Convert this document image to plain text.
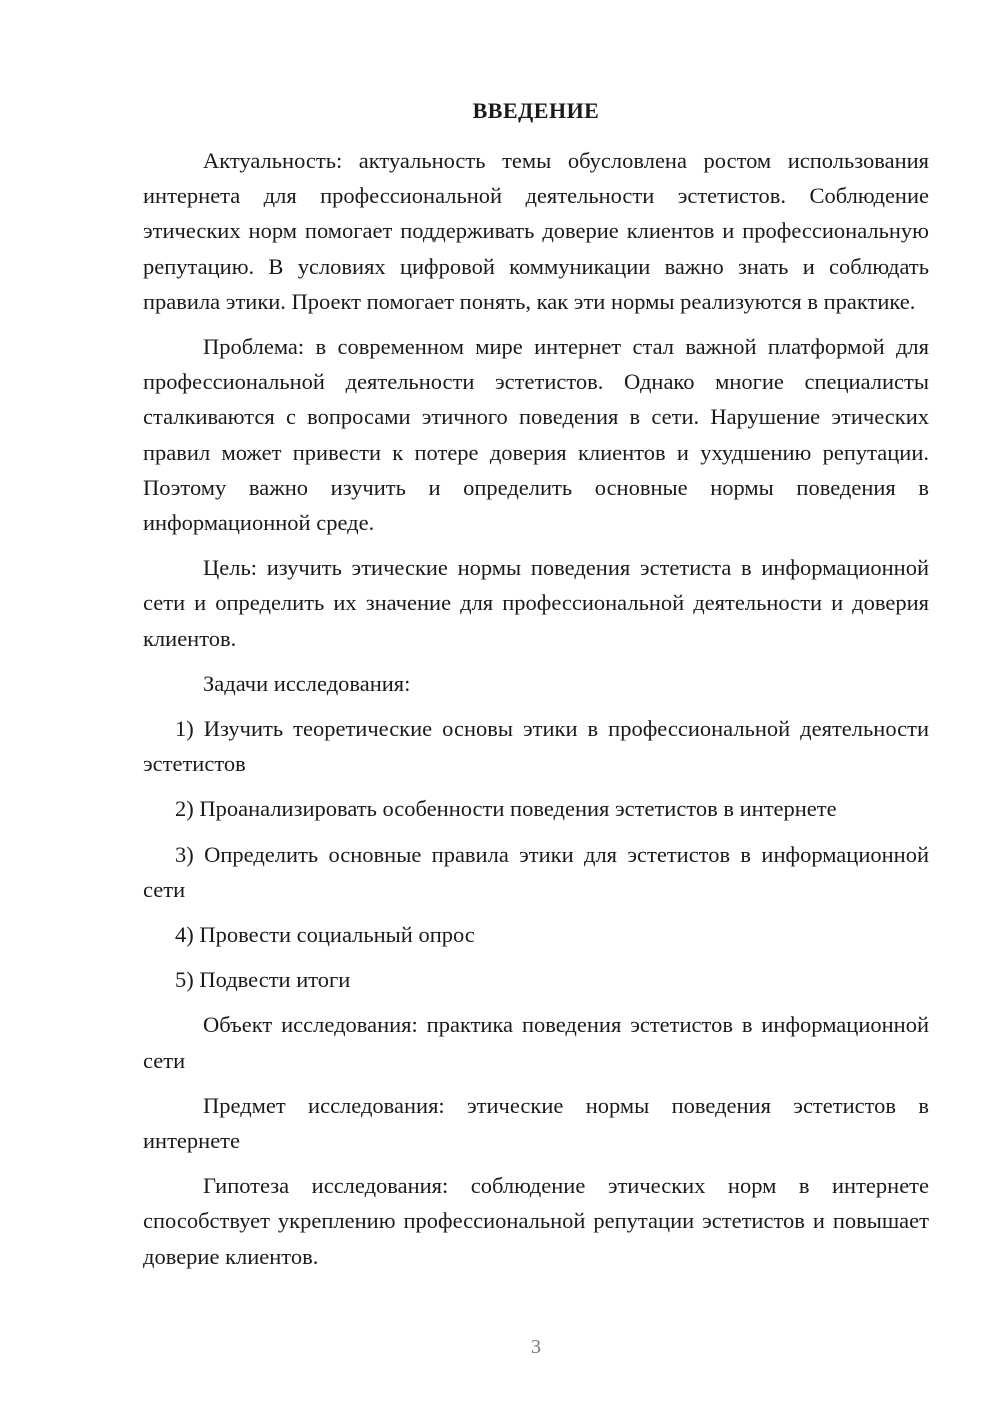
ВВЕДЕНИЕ

Актуальность: актуальность темы обусловлена ростом использования интернета для профессиональной деятельности эстетистов. Соблюдение этических норм помогает поддерживать доверие клиентов и профессиональную репутацию. В условиях цифровой коммуникации важно знать и соблюдать правила этики. Проект помогает понять, как эти нормы реализуются в практике.

Проблема: в современном мире интернет стал важной платформой для профессиональной деятельности эстетистов. Однако многие специалисты сталкиваются с вопросами этичного поведения в сети. Нарушение этических правил может привести к потере доверия клиентов и ухудшению репутации. Поэтому важно изучить и определить основные нормы поведения в информационной среде.

Цель: изучить этические нормы поведения эстетиста в информационной сети и определить их значение для профессиональной деятельности и доверия клиентов.

Задачи исследования:

1) Изучить теоретические основы этики в профессиональной деятельности эстетистов

2) Проанализировать особенности поведения эстетистов в интернете

3) Определить основные правила этики для эстетистов в информационной сети

4) Провести социальный опрос

5) Подвести итоги

Объект исследования: практика поведения эстетистов в информационной сети

Предмет исследования: этические нормы поведения эстетистов в интернете

Гипотеза исследования: соблюдение этических норм в интернете способствует укреплению профессиональной репутации эстетистов и повышает доверие клиентов.

3
